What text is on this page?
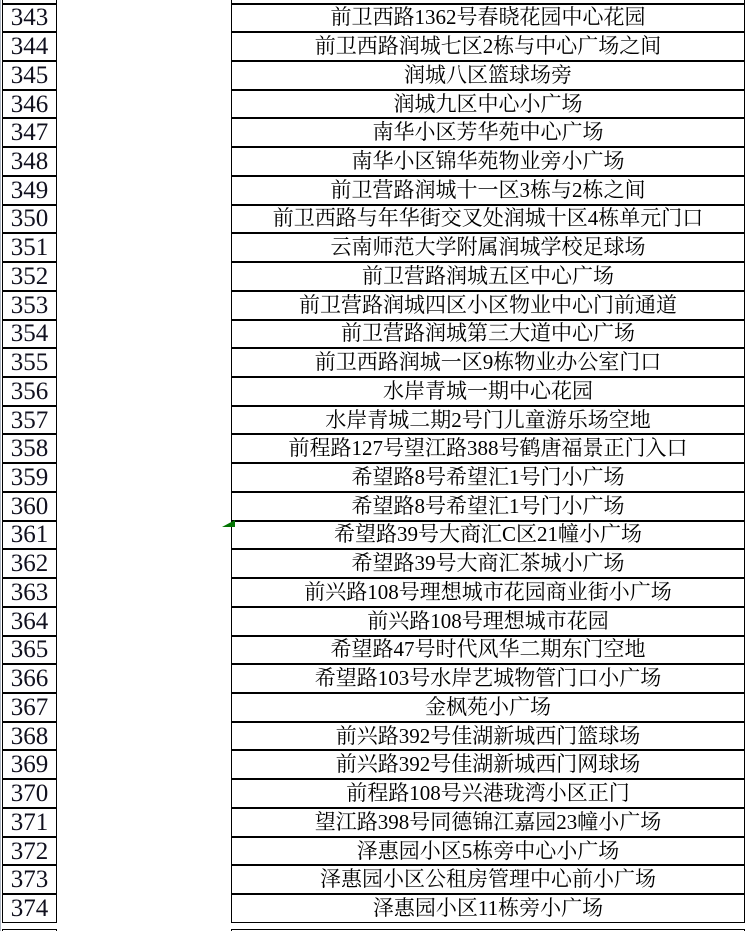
343	前卫西路1362号春晓花园中心花园
344	前卫西路润城七区2栋与中心广场之间
345	润城八区篮球场旁
346	润城九区中心小广场
347	南华小区芳华苑中心广场
348	南华小区锦华苑物业旁小广场
349	前卫营路润城十一区3栋与2栋之间
350	前卫西路与年华街交叉处润城十区4栋单元门口
351	云南师范大学附属润城学校足球场
352	前卫营路润城五区中心广场
353	前卫营路润城四区小区物业中心门前通道
354	前卫营路润城第三大道中心广场
355	前卫西路润城一区9栋物业办公室门口
356	水岸青城一期中心花园
357	水岸青城二期2号门儿童游乐场空地
358	前程路127号望江路388号鹤唐福景正门入口
359	希望路8号希望汇1号门小广场
360	希望路8号希望汇1号门小广场
361	希望路39号大商汇C区21幢小广场
362	希望路39号大商汇茶城小广场
363	前兴路108号理想城市花园商业街小广场
364	前兴路108号理想城市花园
365	希望路47号时代风华二期东门空地
366	希望路103号水岸艺城物管门口小广场
367	金枫苑小广场
368	前兴路392号佳湖新城西门篮球场
369	前兴路392号佳湖新城西门网球场
370	前程路108号兴港珑湾小区正门
371	望江路398号同德锦江嘉园23幢小广场
372	泽惠园小区5栋旁中心小广场
373	泽惠园小区公租房管理中心前小广场
374	泽惠园小区11栋旁小广场
